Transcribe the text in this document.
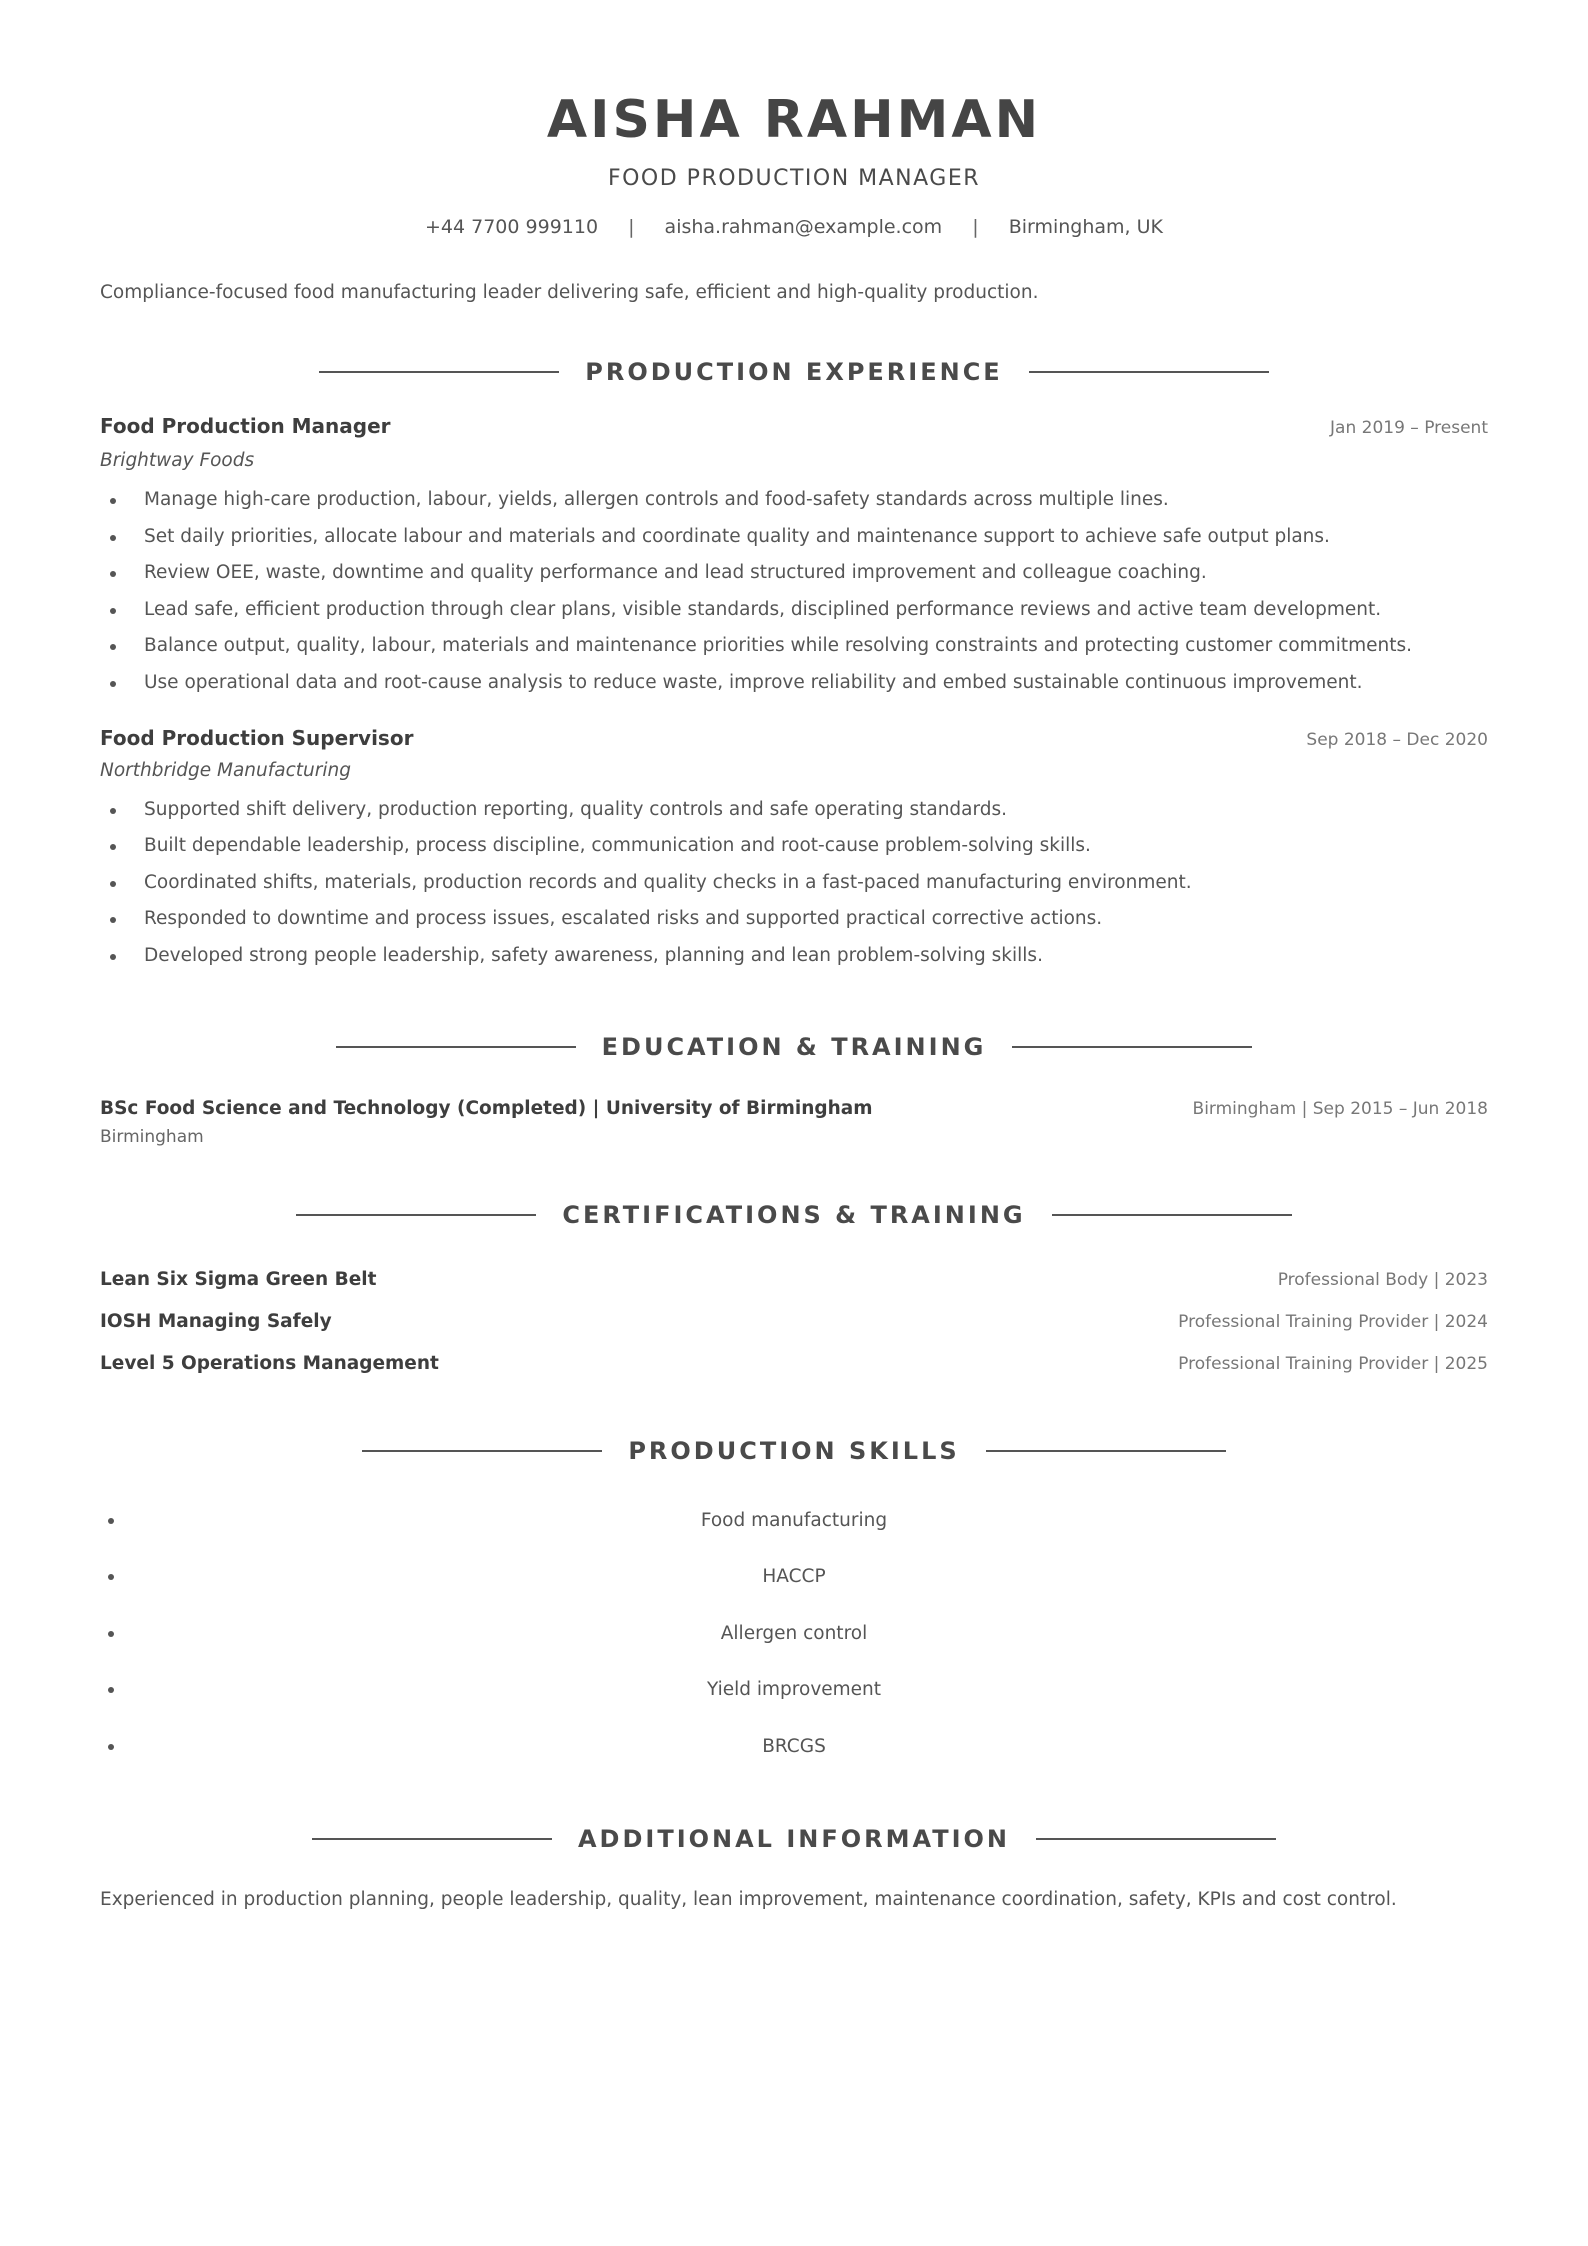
AISHA RAHMAN
FOOD PRODUCTION MANAGER
+44 7700 999110 | aisha.rahman@example.com | Birmingham, UK
Compliance-focused food manufacturing leader delivering safe, efficient and high-quality production.
PRODUCTION EXPERIENCE
Food Production Manager	Jan 2019 – Present
Brightway Foods
Manage high-care production, labour, yields, allergen controls and food-safety standards across multiple lines.
Set daily priorities, allocate labour and materials and coordinate quality and maintenance support to achieve safe output plans.
Review OEE, waste, downtime and quality performance and lead structured improvement and colleague coaching.
Lead safe, efficient production through clear plans, visible standards, disciplined performance reviews and active team development.
Balance output, quality, labour, materials and maintenance priorities while resolving constraints and protecting customer commitments.
Use operational data and root-cause analysis to reduce waste, improve reliability and embed sustainable continuous improvement.
Food Production Supervisor	Sep 2018 – Dec 2020
Northbridge Manufacturing
Supported shift delivery, production reporting, quality controls and safe operating standards.
Built dependable leadership, process discipline, communication and root-cause problem-solving skills.
Coordinated shifts, materials, production records and quality checks in a fast-paced manufacturing environment.
Responded to downtime and process issues, escalated risks and supported practical corrective actions.
Developed strong people leadership, safety awareness, planning and lean problem-solving skills.
EDUCATION & TRAINING
BSc Food Science and Technology (Completed) | University of Birmingham	Birmingham | Sep 2015 – Jun 2018
Birmingham
CERTIFICATIONS & TRAINING
Lean Six Sigma Green Belt	Professional Body | 2023
IOSH Managing Safely	Professional Training Provider | 2024
Level 5 Operations Management	Professional Training Provider | 2025
PRODUCTION SKILLS
Food manufacturing
HACCP
Allergen control
Yield improvement
BRCGS
ADDITIONAL INFORMATION
Experienced in production planning, people leadership, quality, lean improvement, maintenance coordination, safety, KPIs and cost control.
